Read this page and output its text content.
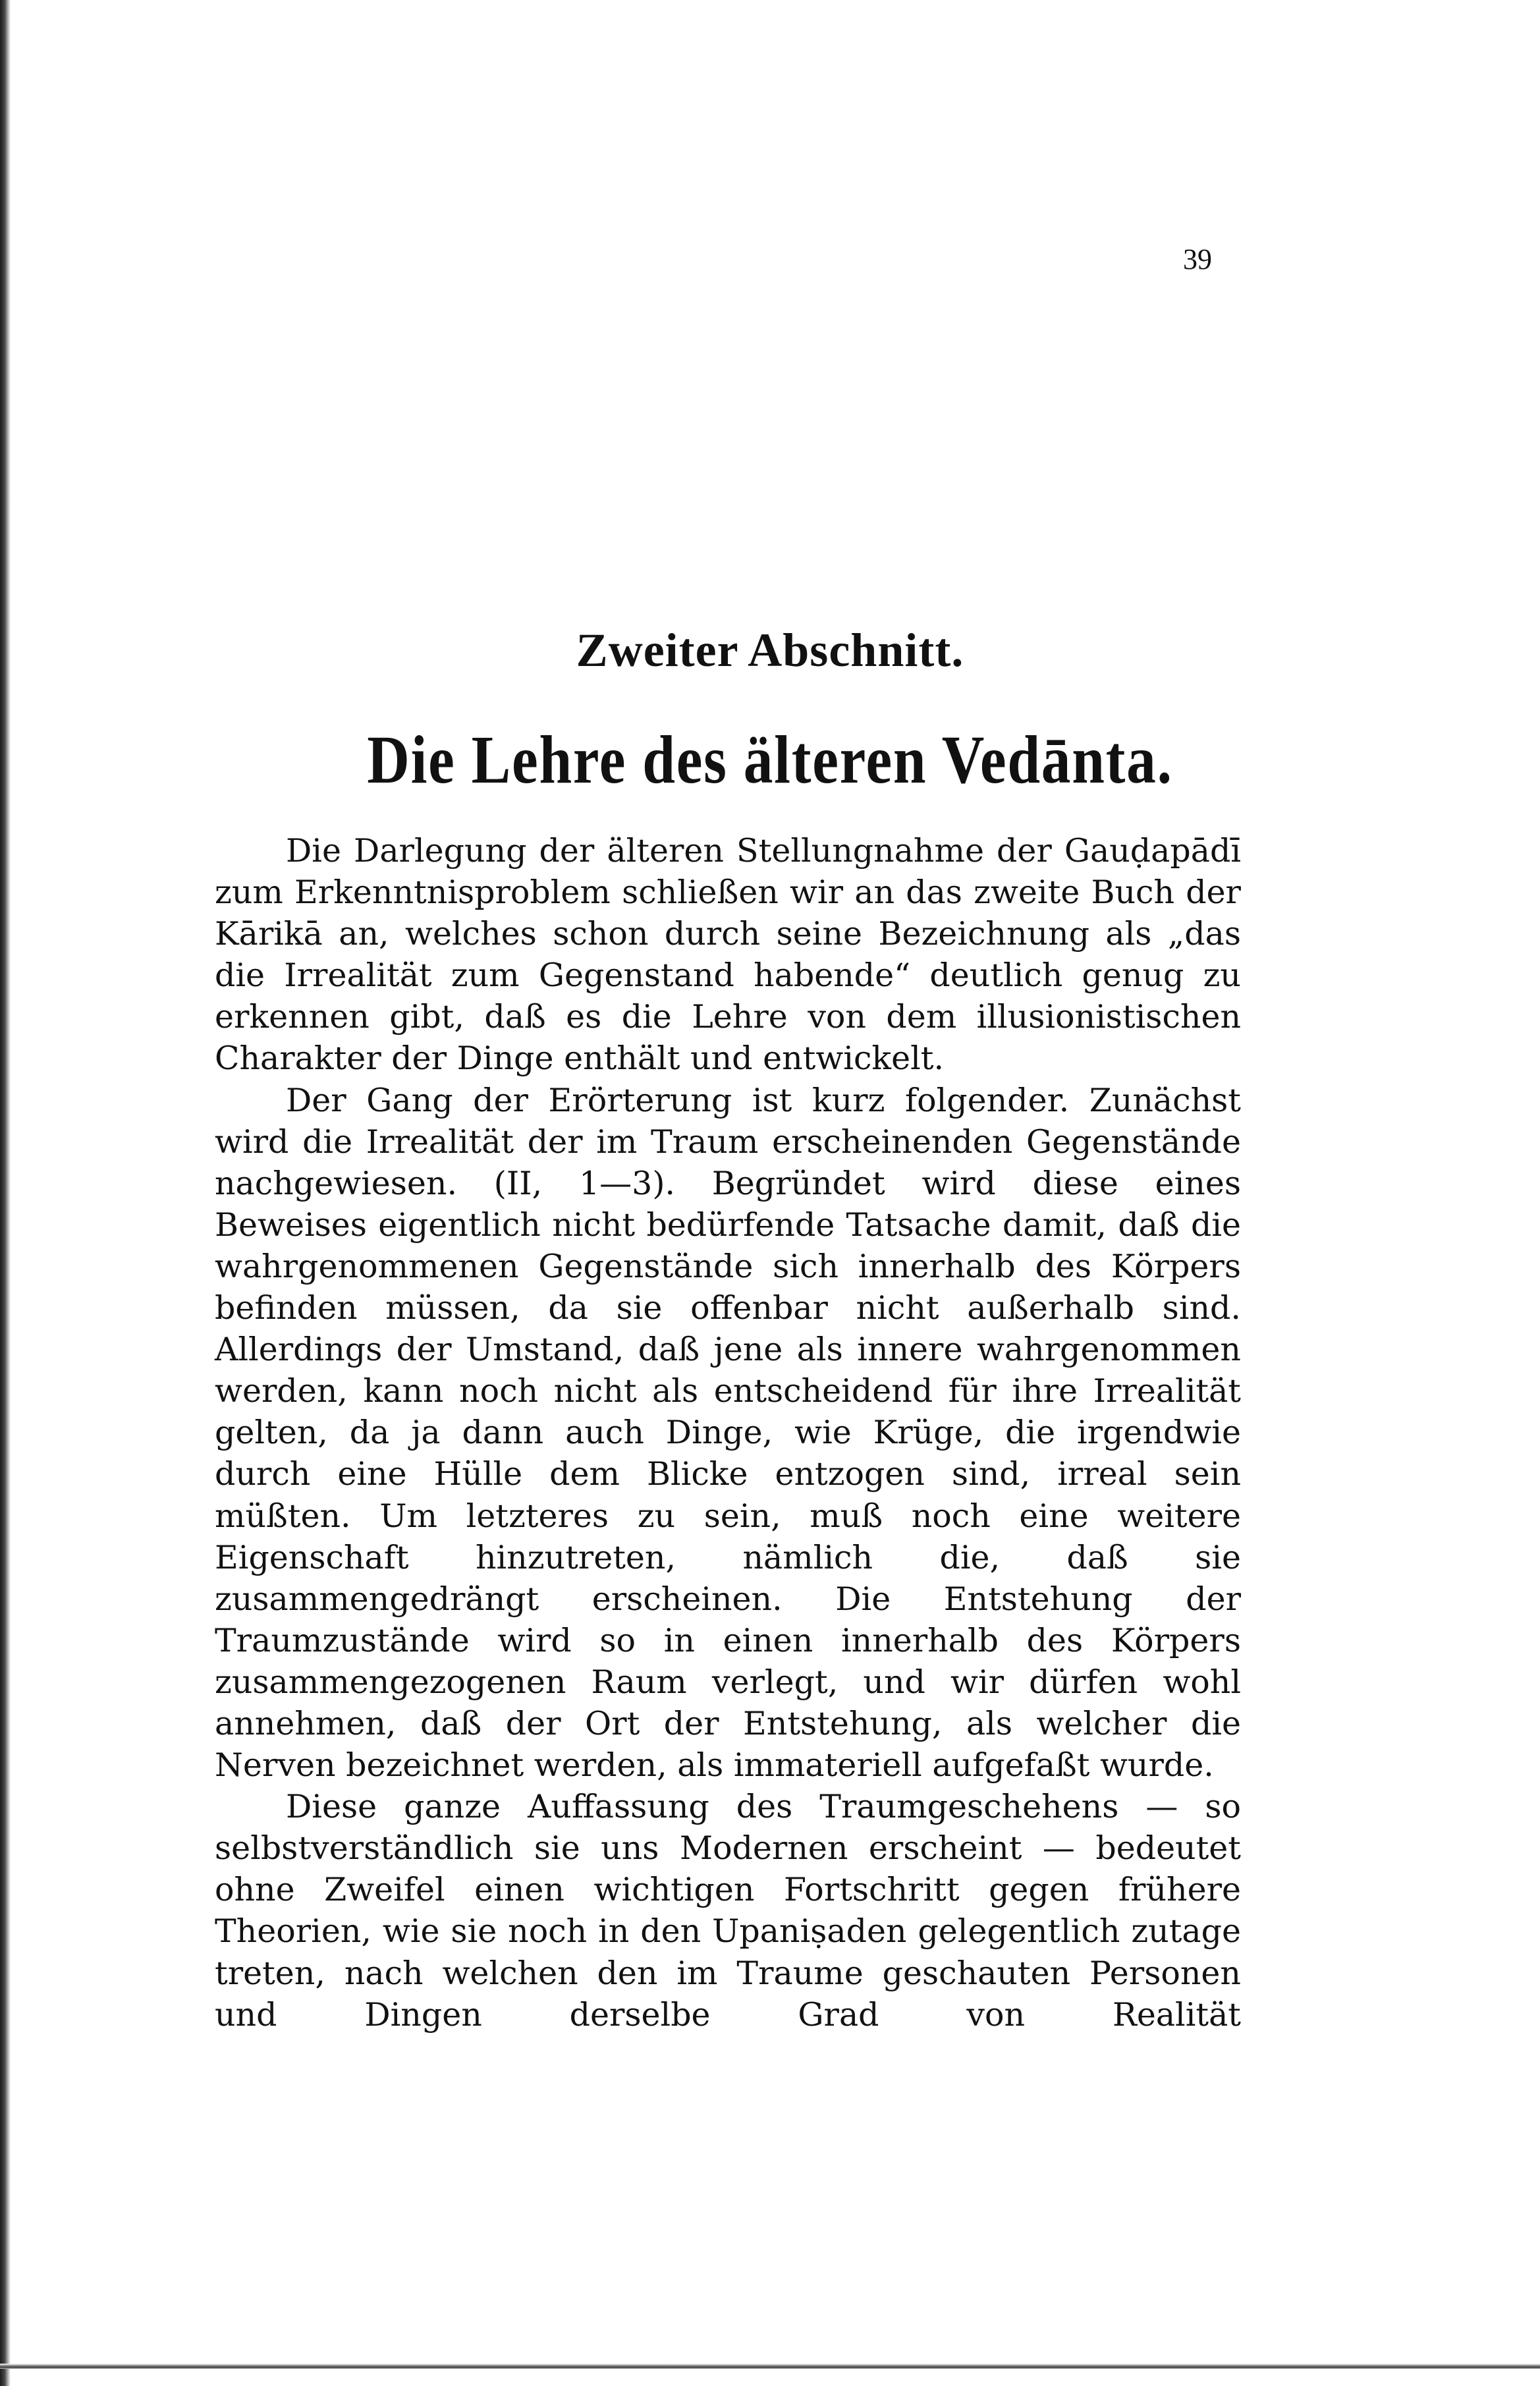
39
Zweiter Abschnitt.
Die Lehre des älteren Vedānta.

Die Darlegung der älteren Stellungnahme der Gauḍapādī zum Erkenntnisproblem schließen wir an das zweite Buch der Kārikā an, welches schon durch seine Bezeichnung als „das die Irrealität zum Gegenstand habende“ deutlich genug zu erkennen gibt, daß es die Lehre von dem illusionistischen Charakter der Dinge enthält und entwickelt.

Der Gang der Erörterung ist kurz folgender. Zunächst wird die Irrealität der im Traum erscheinenden Gegenstände nachgewiesen. (II, 1—3). Begründet wird diese eines Beweises eigentlich nicht bedürfende Tatsache damit, daß die wahrgenommenen Gegenstände sich innerhalb des Körpers befinden müssen, da sie offenbar nicht außerhalb sind. Allerdings der Umstand, daß jene als innere wahrgenommen werden, kann noch nicht als entscheidend für ihre Irrealität gelten, da ja dann auch Dinge, wie Krüge, die irgendwie durch eine Hülle dem Blicke entzogen sind, irreal sein müßten. Um letzteres zu sein, muß noch eine weitere Eigenschaft hinzutreten, nämlich die, daß sie zusammengedrängt erscheinen. Die Entstehung der Traumzustände wird so in einen innerhalb des Körpers zusammengezogenen Raum verlegt, und wir dürfen wohl annehmen, daß der Ort der Entstehung, als welcher die Nerven bezeichnet werden, als immateriell aufgefaßt wurde.

Diese ganze Auffassung des Traumgeschehens — so selbstverständlich sie uns Modernen erscheint — bedeutet ohne Zweifel einen wichtigen Fortschritt gegen frühere Theorien, wie sie noch in den Upaniṣaden gelegentlich zutage treten, nach welchen den im Traume geschauten Personen und Dingen derselbe Grad von Realität
